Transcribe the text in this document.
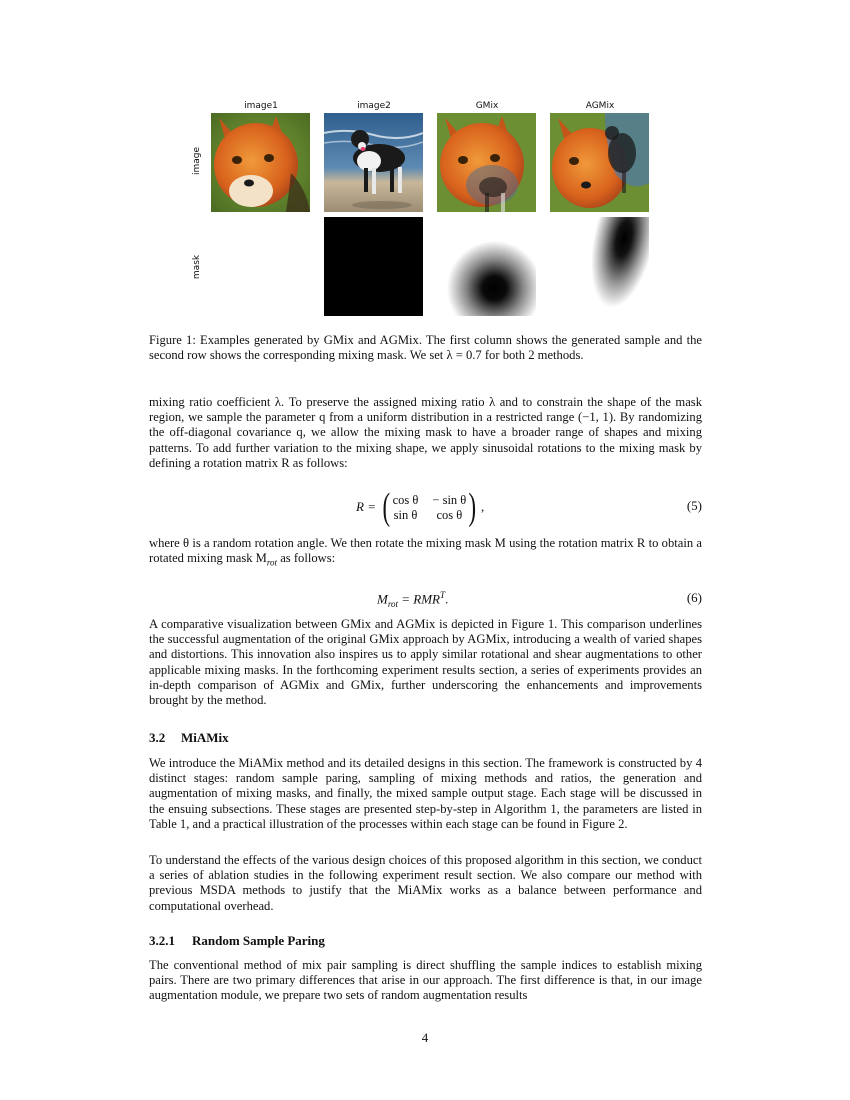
image1	image2	GMix	AGMix
image
mask

Figure 1: Examples generated by GMix and AGMix. The first column shows the generated sample and the second row shows the corresponding mixing mask. We set λ = 0.7 for both 2 methods.

mixing ratio coefficient λ. To preserve the assigned mixing ratio λ and to constrain the shape of the mask region, we sample the parameter q from a uniform distribution in a restricted range (−1, 1). By randomizing the off-diagonal covariance q, we allow the mixing mask to have a broader range of shapes and mixing patterns. To add further variation to the mixing shape, we apply sinusoidal rotations to the mixing mask by defining a rotation matrix R as follows:

R = ( cos θ − sin θ
sin θ	cos θ ) ,	(5)

where θ is a random rotation angle. We then rotate the mixing mask M using the rotation matrix R to obtain a rotated mixing mask $M_{rot}$ as follows:

$M_{rot} = RMR^T$.	(6)

A comparative visualization between GMix and AGMix is depicted in Figure 1. This comparison underlines the successful augmentation of the original GMix approach by AGMix, introducing a wealth of varied shapes and distortions. This innovation also inspires us to apply similar rotational and shear augmentations to other applicable mixing masks. In the forthcoming experiment results section, a series of experiments provides an in-depth comparison of AGMix and GMix, further underscoring the enhancements and improvements brought by the method.

3.2 MiAMix

We introduce the MiAMix method and its detailed designs in this section. The framework is constructed by 4 distinct stages: random sample paring, sampling of mixing methods and ratios, the generation and augmentation of mixing masks, and finally, the mixed sample output stage. Each stage will be discussed in the ensuing subsections. These stages are presented step-by-step in Algorithm 1, the parameters are listed in Table 1, and a practical illustration of the processes within each stage can be found in Figure 2.

To understand the effects of the various design choices of this proposed algorithm in this section, we conduct a series of ablation studies in the following experiment result section. We also compare our method with previous MSDA methods to justify that the MiAMix works as a balance between performance and computational overhead.

3.2.1 Random Sample Paring

The conventional method of mix pair sampling is direct shuffling the sample indices to establish mixing pairs. There are two primary differences that arise in our approach. The first difference is that, in our image augmentation module, we prepare two sets of random augmentation results

4
